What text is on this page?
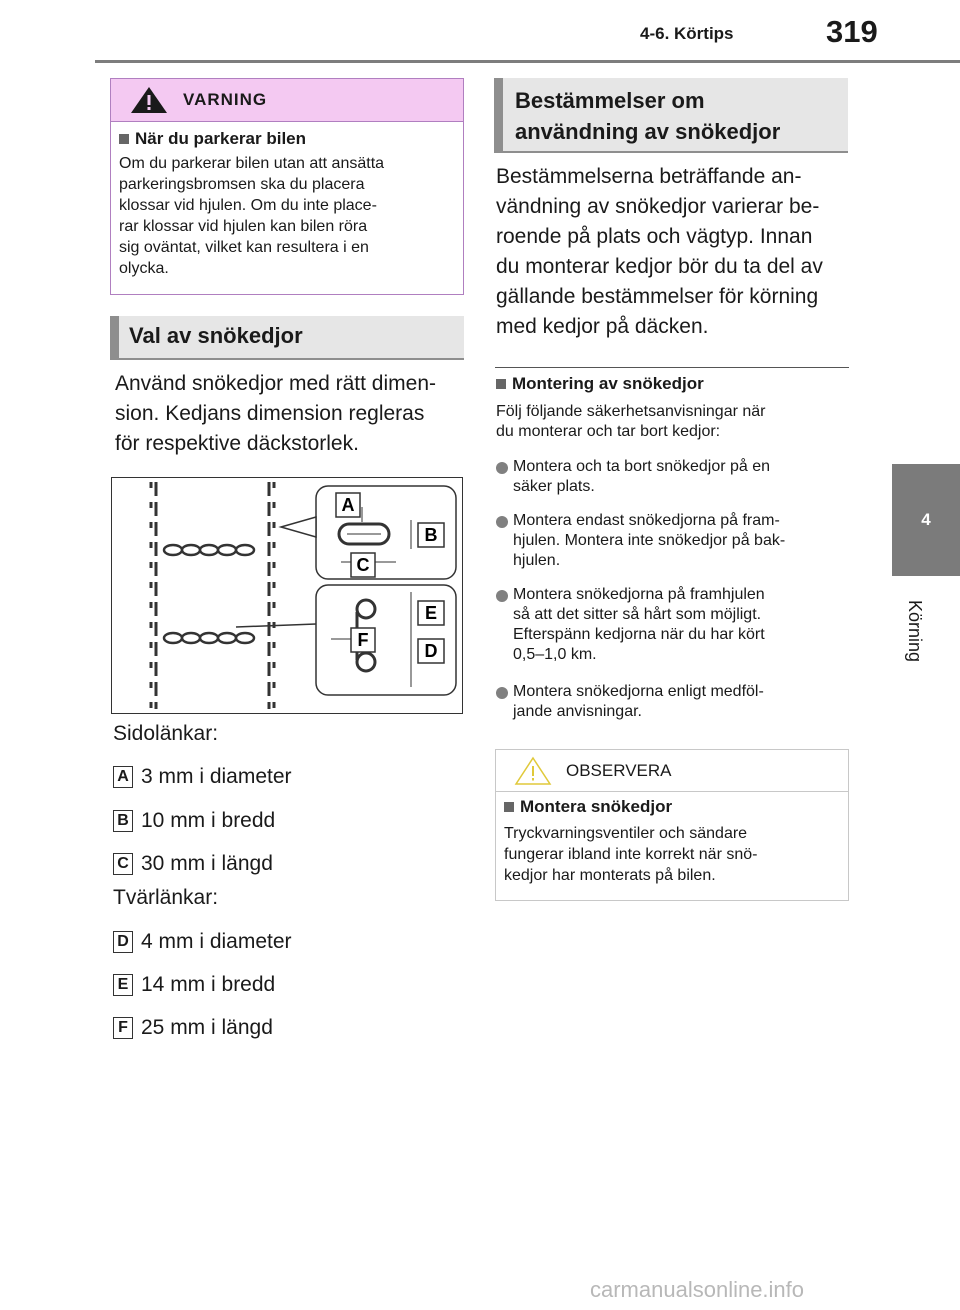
4-6. Körtips	319
4
Körning
VARNING
När du parkerar bilen
Om du parkerar bilen utan att ansätta
parkeringsbromsen ska du placera
klossar vid hjulen. Om du inte place-
rar klossar vid hjulen kan bilen röra
sig oväntat, vilket kan resultera i en
olycka.
Val av snökedjor
Använd snökedjor med rätt dimen-
sion. Kedjans dimension regleras
för respektive däckstorlek.
A
B
C
E
F
D
Sidolänkar:
A 3 mm i diameter
B 10 mm i bredd
C 30 mm i längd
Tvärlänkar:
D 4 mm i diameter
E 14 mm i bredd
F 25 mm i längd
Bestämmelser om
användning av snökedjor
Bestämmelserna beträffande an-
vändning av snökedjor varierar be-
roende på plats och vägtyp. Innan
du monterar kedjor bör du ta del av
gällande bestämmelser för körning
med kedjor på däcken.
Montering av snökedjor
Följ följande säkerhetsanvisningar när
du monterar och tar bort kedjor:
Montera och ta bort snökedjor på en
säker plats.
Montera endast snökedjorna på fram-
hjulen. Montera inte snökedjor på bak-
hjulen.
Montera snökedjorna på framhjulen
så att det sitter så hårt som möjligt.
Efterspänn kedjorna när du har kört
0,5–1,0 km.
Montera snökedjorna enligt medföl-
jande anvisningar.
OBSERVERA
Montera snökedjor
Tryckvarningsventiler och sändare
fungerar ibland inte korrekt när snö-
kedjor har monterats på bilen.
carmanualsonline.info
